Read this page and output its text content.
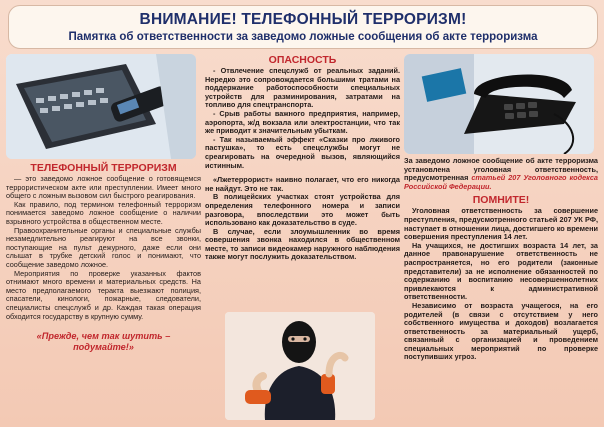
ВНИМАНИЕ! ТЕЛЕФОННЫЙ ТЕРРОРИЗМ!
Памятка об ответственности за заведомо ложные сообщения об акте терроризма
ТЕЛЕФОННЫЙ ТЕРРОРИЗМ

— это заведомо ложное сообщение о готовящемся террористическом акте или преступлении. Имеет много общего с ложным вызовом сил быстрого реагирования.

Как правило, под термином телефонный терроризм понимается заведомо ложное сообщение о наличии взрывного устройства в общественном месте.

Правоохранительные органы и специальные службы незамедлительно реагируют на все звонки, поступающие на пульт дежурного, даже если они слышат в трубке детский голос и понимают, что сообщение заведомо ложное.

Мероприятия по проверке указанных фактов отнимают много времени и материальных средств. На место предполагаемого теракта выезжают полиция, спасатели, кинологи, пожарные, следователи, специалисты спецслужб и др. Каждая такая операция обходится государству в крупную сумму.

«Прежде, чем так шутить – подумайте!»
ОПАСНОСТЬ

- Отвлечение спецслужб от реальных заданий. Нередко это сопровождается большими тратами на поддержание работоспособности специальных устройств для разминирования, затратами на топливо для спецтранспорта.

- Срыв работы важного предприятия, например, аэропорта, ж/д вокзала или электростанции, что так же приводит к значительным убыткам.

- Так называемый эффект «Сказки про лживого пастушка», то есть спецслужбы могут не среагировать на очередной вызов, являющийся истинным.

«Лжетеррорист» наивно полагает, что его никогда не найдут. Это не так.

В полицейских участках стоят устройства для определения телефонного номера и записи разговора, впоследствии это может быть использовано как доказательство в суде.

В случае, если злоумышленник во время совершения звонка находился в общественном месте, то записи видеокамер наружного наблюдения также могут послужить доказательством.

За заведомо ложное сообщение об акте терроризма установлена уголовная ответственность, предусмотренная статьей 207 Уголовного кодекса Российской Федерации.

ПОМНИТЕ!

Уголовная ответственность за совершение преступления, предусмотренного статьей 207 УК РФ, наступает в отношении лица, достигшего ко времени совершения преступления 14 лет.

На учащихся, не достигших возраста 14 лет, за данное правонарушение ответственность не распространяется, но его родители (законные представители) за не исполнение обязанностей по содержанию и воспитанию несовершеннолетних привлекаются к административной ответственности.

Независимо от возраста учащегося, на его родителей (в связи с отсутствием у него собственного имущества и доходов) возлагается ответственность за материальный ущерб, связанный с организацией и проведением специальных мероприятий по проверке поступивших угроз.
